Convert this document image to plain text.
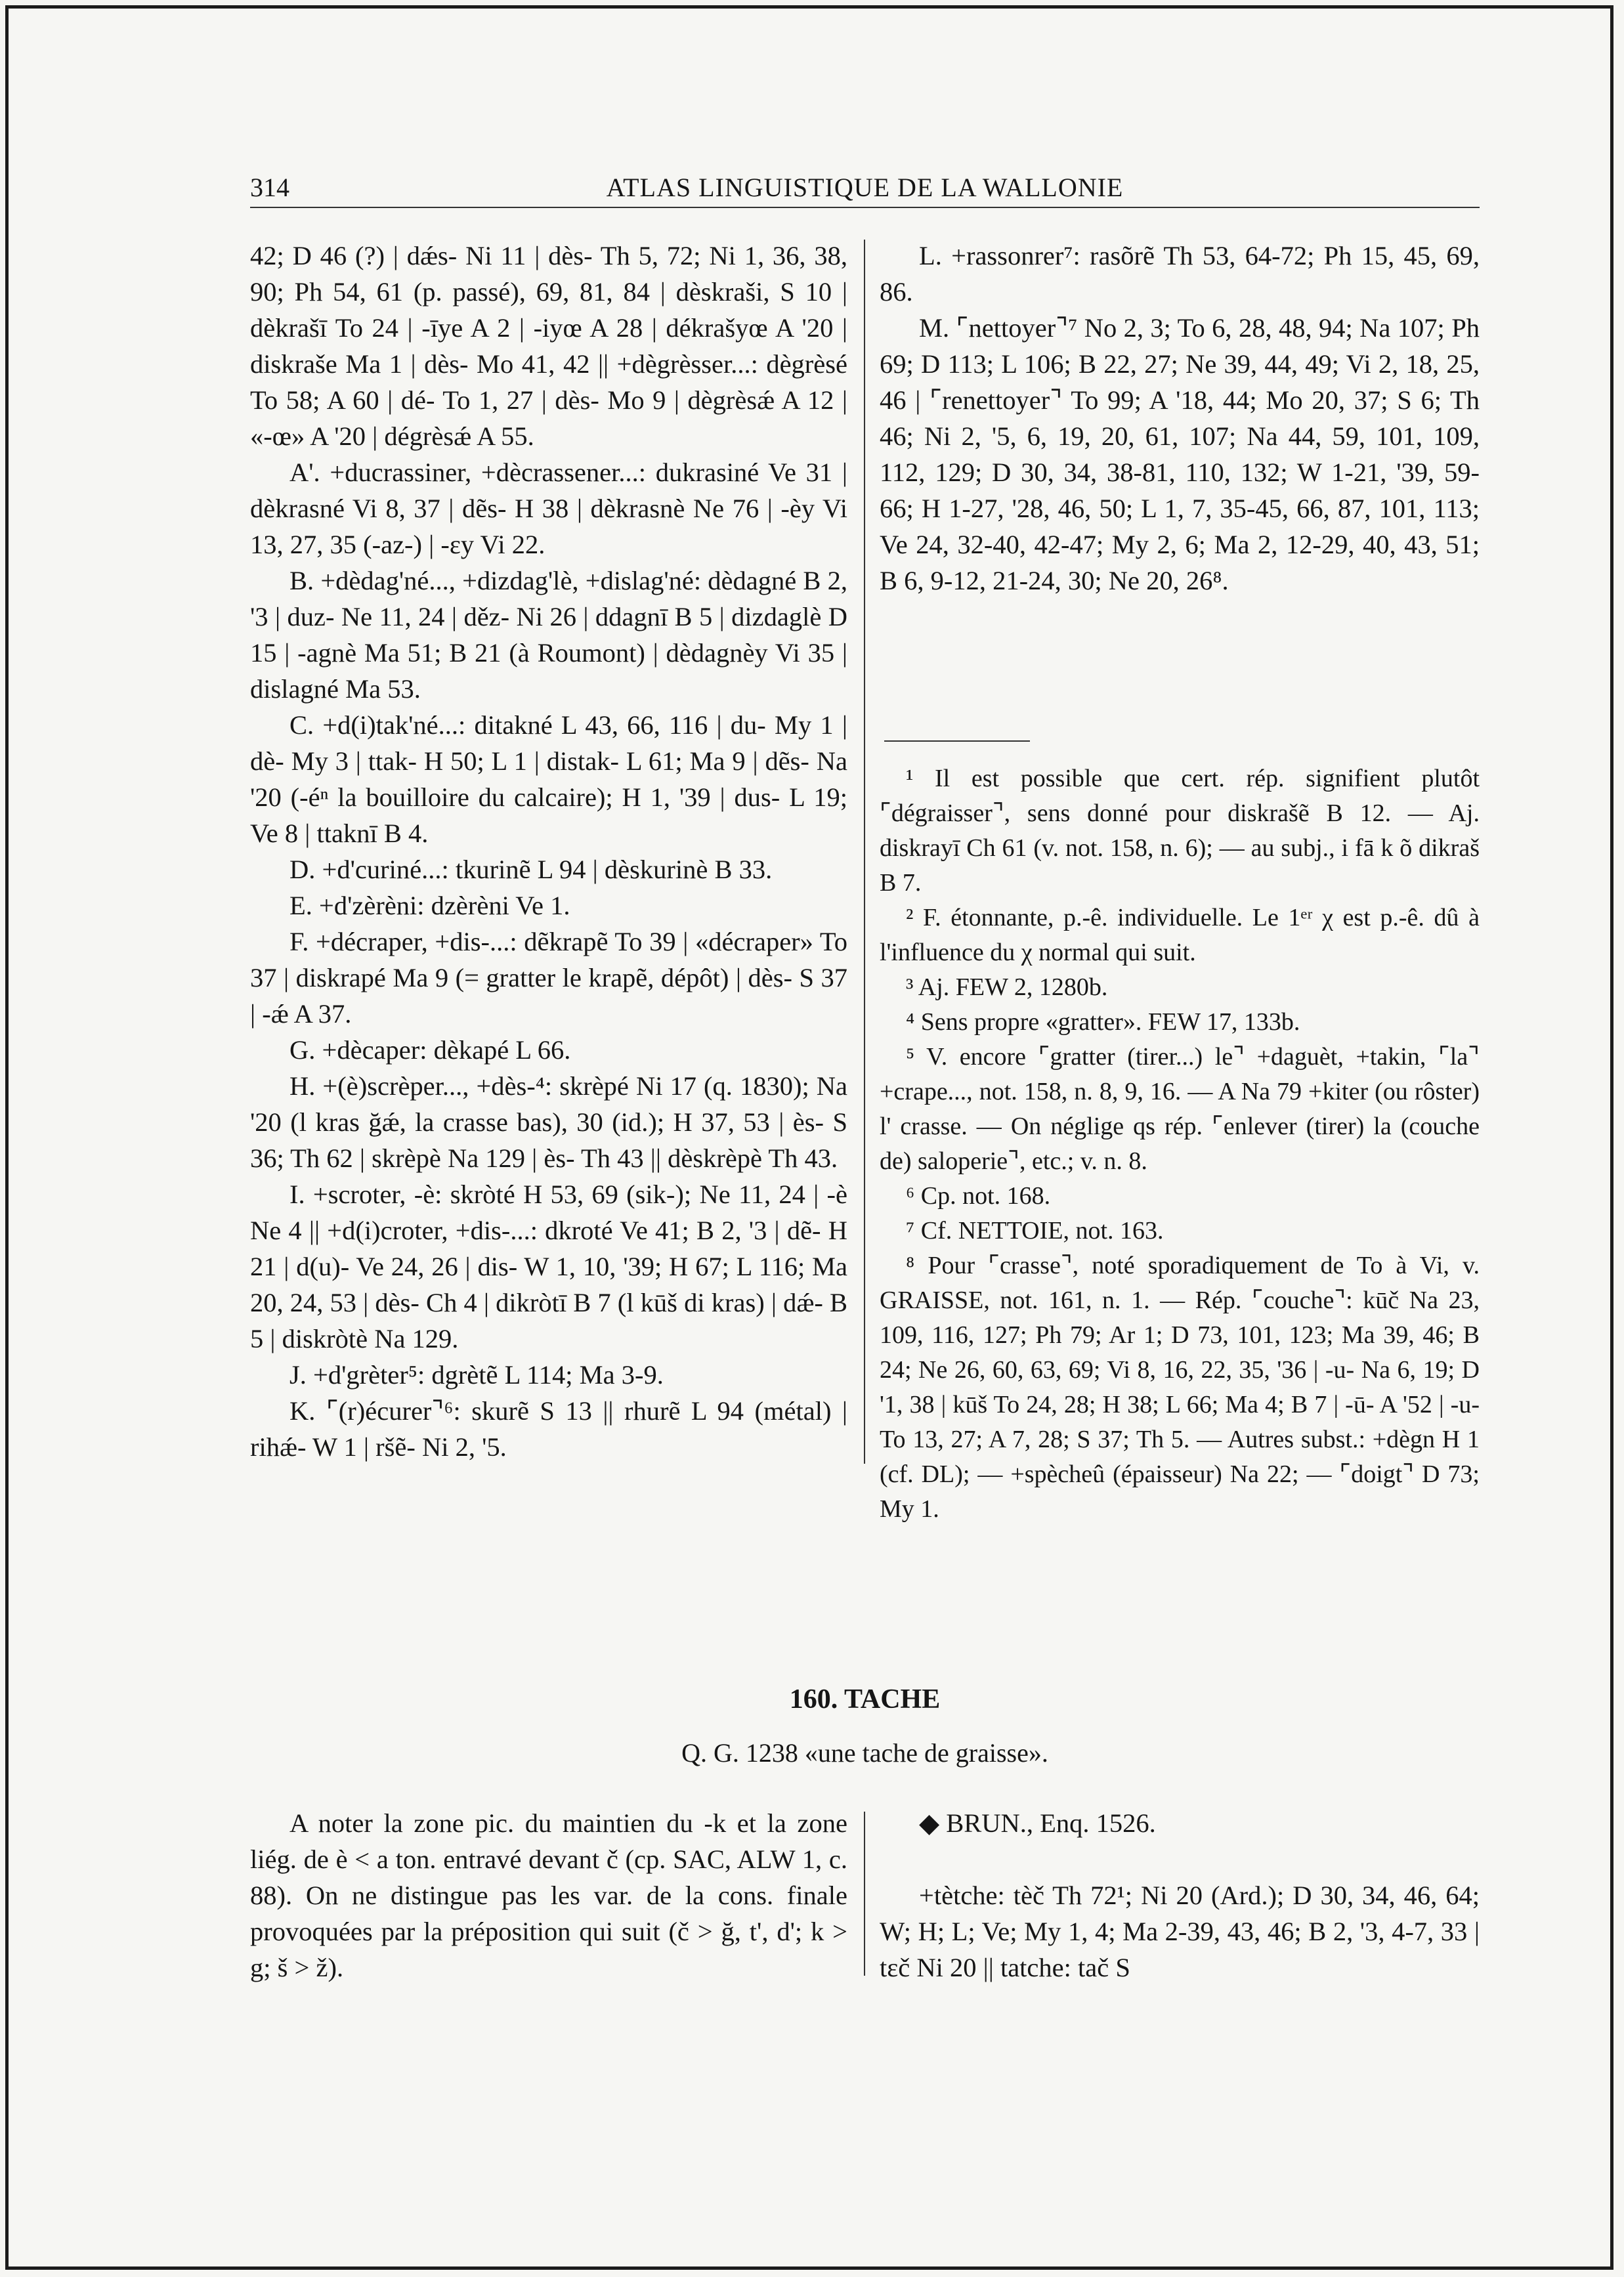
314	ATLAS LINGUISTIQUE DE LA WALLONIE

42; D 46 (?) | dǽs- Ni 11 | dès- Th 5, 72; Ni 1, 36, 38, 90; Ph 54, 61 (p. passé), 69, 81, 84 | dèskraši, S 10 | dèkrašī To 24 | -īye A 2 | -iyœ A 28 | dékrašyœ A '20 | diskraše Ma 1 | dès- Mo 41, 42 || +dègrèsser...: dègrèsé To 58; A 60 | dé- To 1, 27 | dès- Mo 9 | dègrèsǽ A 12 | «-œ» A '20 | dégrèsǽ A 55.

A'. +ducrassiner, +dècrassener...: dukrasiné Ve 31 | dèkrasné Vi 8, 37 | dẽs- H 38 | dèkrasnè Ne 76 | -èy Vi 13, 27, 35 (-az-) | -εy Vi 22.

B. +dèdag'né..., +dizdag'lè, +dislag'né: dèdagné B 2, '3 | duz- Ne 11, 24 | děz- Ni 26 | ddagnī B 5 | dizdaglè D 15 | -agnè Ma 51; B 21 (à Roumont) | dèdagnèy Vi 35 | dislagné Ma 53.

C. +d(i)tak'né...: ditakné L 43, 66, 116 | du- My 1 | dè- My 3 | ttak- H 50; L 1 | distak- L 61; Ma 9 | dẽs- Na '20 (-éⁿ la bouilloire du calcaire); H 1, '39 | dus- L 19; Ve 8 | ttaknī B 4.

D. +d'curiné...: tkurinẽ L 94 | dèskurinè B 33.

E. +d'zèrèni: dzèrèni Ve 1.

F. +décraper, +dis-...: dẽkrapẽ To 39 | «décraper» To 37 | diskrapé Ma 9 (= gratter le krapẽ, dépôt) | dès- S 37 | -ǽ A 37.

G. +dècaper: dèkapé L 66.

H. +(è)scrèper..., +dès-⁴: skrèpé Ni 17 (q. 1830); Na '20 (l kras ğǽ, la crasse bas), 30 (id.); H 37, 53 | ès- S 36; Th 62 | skrèpè Na 129 | ès- Th 43 || dèskrèpè Th 43.

I. +scroter, -è: skròté H 53, 69 (sik-); Ne 11, 24 | -è Ne 4 || +d(i)croter, +dis-...: dkroté Ve 41; B 2, '3 | dẽ- H 21 | d(u)- Ve 24, 26 | dis- W 1, 10, '39; H 67; L 116; Ma 20, 24, 53 | dès- Ch 4 | dikròtī B 7 (l kūš di kras) | dǽ- B 5 | diskròtè Na 129.

J. +d'grèter⁵: dgrètẽ L 114; Ma 3-9.

K. ⌜(r)écurer⌝⁶: skurẽ S 13 || rhurẽ L 94 (métal) | rihǽ- W 1 | ršẽ- Ni 2, '5.

L. +rassonrer⁷: rasõrẽ Th 53, 64-72; Ph 15, 45, 69, 86.

M. ⌜nettoyer⌝⁷ No 2, 3; To 6, 28, 48, 94; Na 107; Ph 69; D 113; L 106; B 22, 27; Ne 39, 44, 49; Vi 2, 18, 25, 46 | ⌜renettoyer⌝ To 99; A '18, 44; Mo 20, 37; S 6; Th 46; Ni 2, '5, 6, 19, 20, 61, 107; Na 44, 59, 101, 109, 112, 129; D 30, 34, 38-81, 110, 132; W 1-21, '39, 59-66; H 1-27, '28, 46, 50; L 1, 7, 35-45, 66, 87, 101, 113; Ve 24, 32-40, 42-47; My 2, 6; Ma 2, 12-29, 40, 43, 51; B 6, 9-12, 21-24, 30; Ne 20, 26⁸.

¹ Il est possible que cert. rép. signifient plutôt ⌜dégraisser⌝, sens donné pour diskrašẽ B 12. — Aj. diskrayī Ch 61 (v. not. 158, n. 6); — au subj., i fā k õ dikraš B 7.

² F. étonnante, p.-ê. individuelle. Le 1ᵉʳ χ est p.-ê. dû à l'influence du χ normal qui suit.

³ Aj. FEW 2, 1280b.

⁴ Sens propre «gratter». FEW 17, 133b.

⁵ V. encore ⌜gratter (tirer...) le⌝ +daguèt, +takin, ⌜la⌝ +crape..., not. 158, n. 8, 9, 16. — A Na 79 +kiter (ou rôster) l' crasse. — On néglige qs rép. ⌜enlever (tirer) la (couche de) saloperie⌝, etc.; v. n. 8.

⁶ Cp. not. 168.

⁷ Cf. NETTOIE, not. 163.

⁸ Pour ⌜crasse⌝, noté sporadiquement de To à Vi, v. GRAISSE, not. 161, n. 1. — Rép. ⌜couche⌝: kūč Na 23, 109, 116, 127; Ph 79; Ar 1; D 73, 101, 123; Ma 39, 46; B 24; Ne 26, 60, 63, 69; Vi 8, 16, 22, 35, '36 | -u- Na 6, 19; D '1, 38 | kūš To 24, 28; H 38; L 66; Ma 4; B 7 | -ū- A '52 | -u- To 13, 27; A 7, 28; S 37; Th 5. — Autres subst.: +dègn H 1 (cf. DL); — +spècheû (épaisseur) Na 22; — ⌜doigt⌝ D 73; My 1.

160. TACHE
Q. G. 1238 «une tache de graisse».

A noter la zone pic. du maintien du -k et la zone liég. de è < a ton. entravé devant č (cp. SAC, ALW 1, c. 88). On ne distingue pas les var. de la cons. finale provoquées par la préposition qui suit (č > ğ, t', d'; k > g; š > ž).

◆ BRUN., Enq. 1526.

+tètche: tèč Th 72¹; Ni 20 (Ard.); D 30, 34, 46, 64; W; H; L; Ve; My 1, 4; Ma 2-39, 43, 46; B 2, '3, 4-7, 33 | tεč Ni 20 || tatche: tač S
